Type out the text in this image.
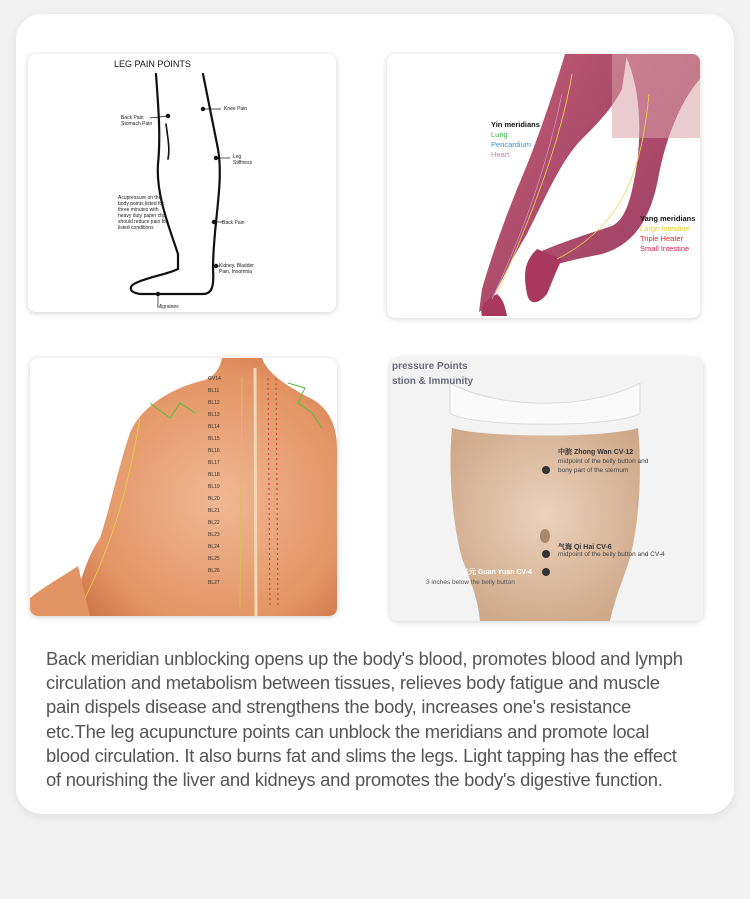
LEG PAIN POINTS
Knee Pain
Back Pain
Stomach Pain
Leg
Stiffness
Acupressure on the
body points listed for
three minutes with
heavy duty paper clip
should reduce pain for
listed conditions
Back Pain
Kidney, Bladder
Pain, Insomnia
Migraines
Yin meridians
Lung
Pericardium
Heart
Yang meridians
Large Intestine
Triple Heater
Small Intestine
GV14
BL11
BL12
BL13
BL14
BL15
BL16
BL17
BL18
BL19
BL20
BL21
BL22
BL23
BL24
BL25
BL26
BL27
pressure Points
stion & Immunity
中脘 Zhong Wan CV-12
midpoint of the belly button and
bony part of the sternum
气海 Qi Hai CV-6
midpoint of the belly button and CV-4
关元 Guan Yuan CV-4
3 inches below the belly button
Back meridian unblocking opens up the body's blood, promotes blood and lymph
circulation and metabolism between tissues, relieves body fatigue and muscle
pain dispels disease and strengthens the body, increases one's resistance
etc.The leg acupuncture points can unblock the meridians and promote local
blood circulation. It also burns fat and slims the legs. Light tapping has the effect
of nourishing the liver and kidneys and promotes the body's digestive function.
